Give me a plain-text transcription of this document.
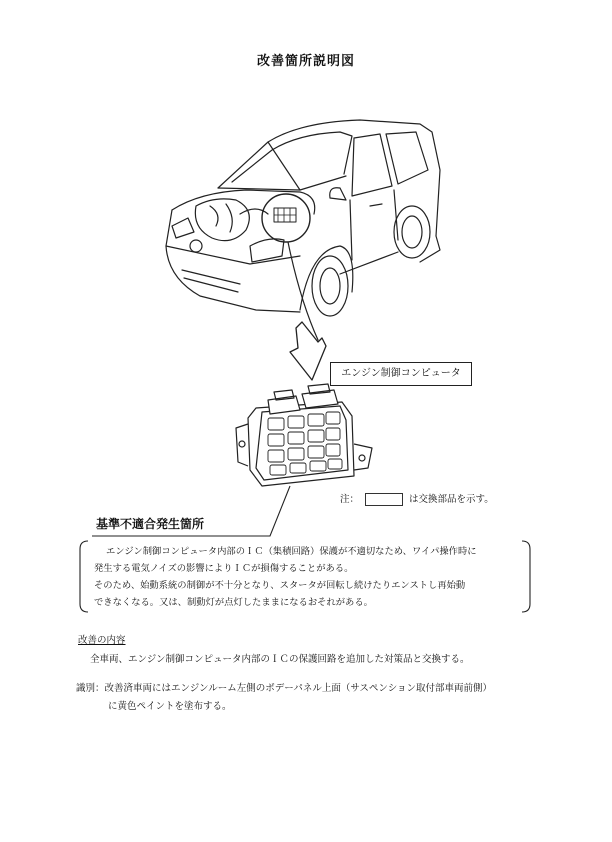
改善箇所説明図
エンジン制御コンピュータ
注：	は交換部品を示す。
基準不適合発生箇所

エンジン制御コンピュータ内部のＩＣ（集積回路）保護が不適切なため、ワイパ操作時に

発生する電気ノイズの影響によりＩＣが損傷することがある。

そのため、始動系統の制御が不十分となり、スタータが回転し続けたりエンストし再始動

できなくなる。又は、制動灯が点灯したままになるおそれがある。

改善の内容
全車両、エンジン制御コンピュータ内部のＩＣの保護回路を追加した対策品と交換する。
識別：改善済車両にはエンジンルーム左側のボデーパネル上面（サスペンション取付部車両前側）
に黄色ペイントを塗布する。
